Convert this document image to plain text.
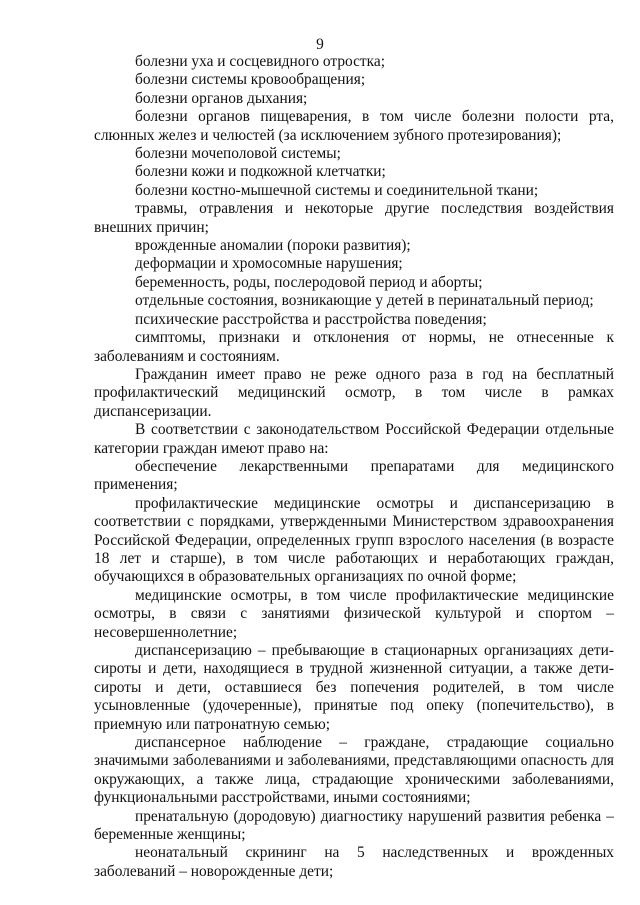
9

болезни уха и сосцевидного отростка;

болезни системы кровообращения;

болезни органов дыхания;

болезни органов пищеварения, в том числе болезни полости рта, слюнных желез и челюстей (за исключением зубного протезирования);

болезни мочеполовой системы;

болезни кожи и подкожной клетчатки;

болезни костно-мышечной системы и соединительной ткани;

травмы, отравления и некоторые другие последствия воздействия внешних причин;

врожденные аномалии (пороки развития);

деформации и хромосомные нарушения;

беременность, роды, послеродовой период и аборты;

отдельные состояния, возникающие у детей в перинатальный период;

психические расстройства и расстройства поведения;

симптомы, признаки и отклонения от нормы, не отнесенные к заболеваниям и состояниям.

Гражданин имеет право не реже одного раза в год на бесплатный профилактический медицинский осмотр, в том числе в рамках диспансеризации.

В соответствии с законодательством Российской Федерации отдельные категории граждан имеют право на:

обеспечение лекарственными препаратами для медицинского применения;

профилактические медицинские осмотры и диспансеризацию в соответствии с порядками, утвержденными Министерством здравоохранения Российской Федерации, определенных групп взрослого населения (в возрасте 18 лет и старше), в том числе работающих и неработающих граждан, обучающихся в образовательных организациях по очной форме;

медицинские осмотры, в том числе профилактические медицинские осмотры, в связи с занятиями физической культурой и спортом – несовершеннолетние;

диспансеризацию – пребывающие в стационарных организациях дети-сироты и дети, находящиеся в трудной жизненной ситуации, а также дети-сироты и дети, оставшиеся без попечения родителей, в том числе усыновленные (удочеренные), принятые под опеку (попечительство), в приемную или патронатную семью;

диспансерное наблюдение – граждане, страдающие социально значимыми заболеваниями и заболеваниями, представляющими опасность для окружающих, а также лица, страдающие хроническими заболеваниями, функциональными расстройствами, иными состояниями;

пренатальную (дородовую) диагностику нарушений развития ребенка – беременные женщины;

неонатальный скрининг на 5 наследственных и врожденных заболеваний – новорожденные дети;
